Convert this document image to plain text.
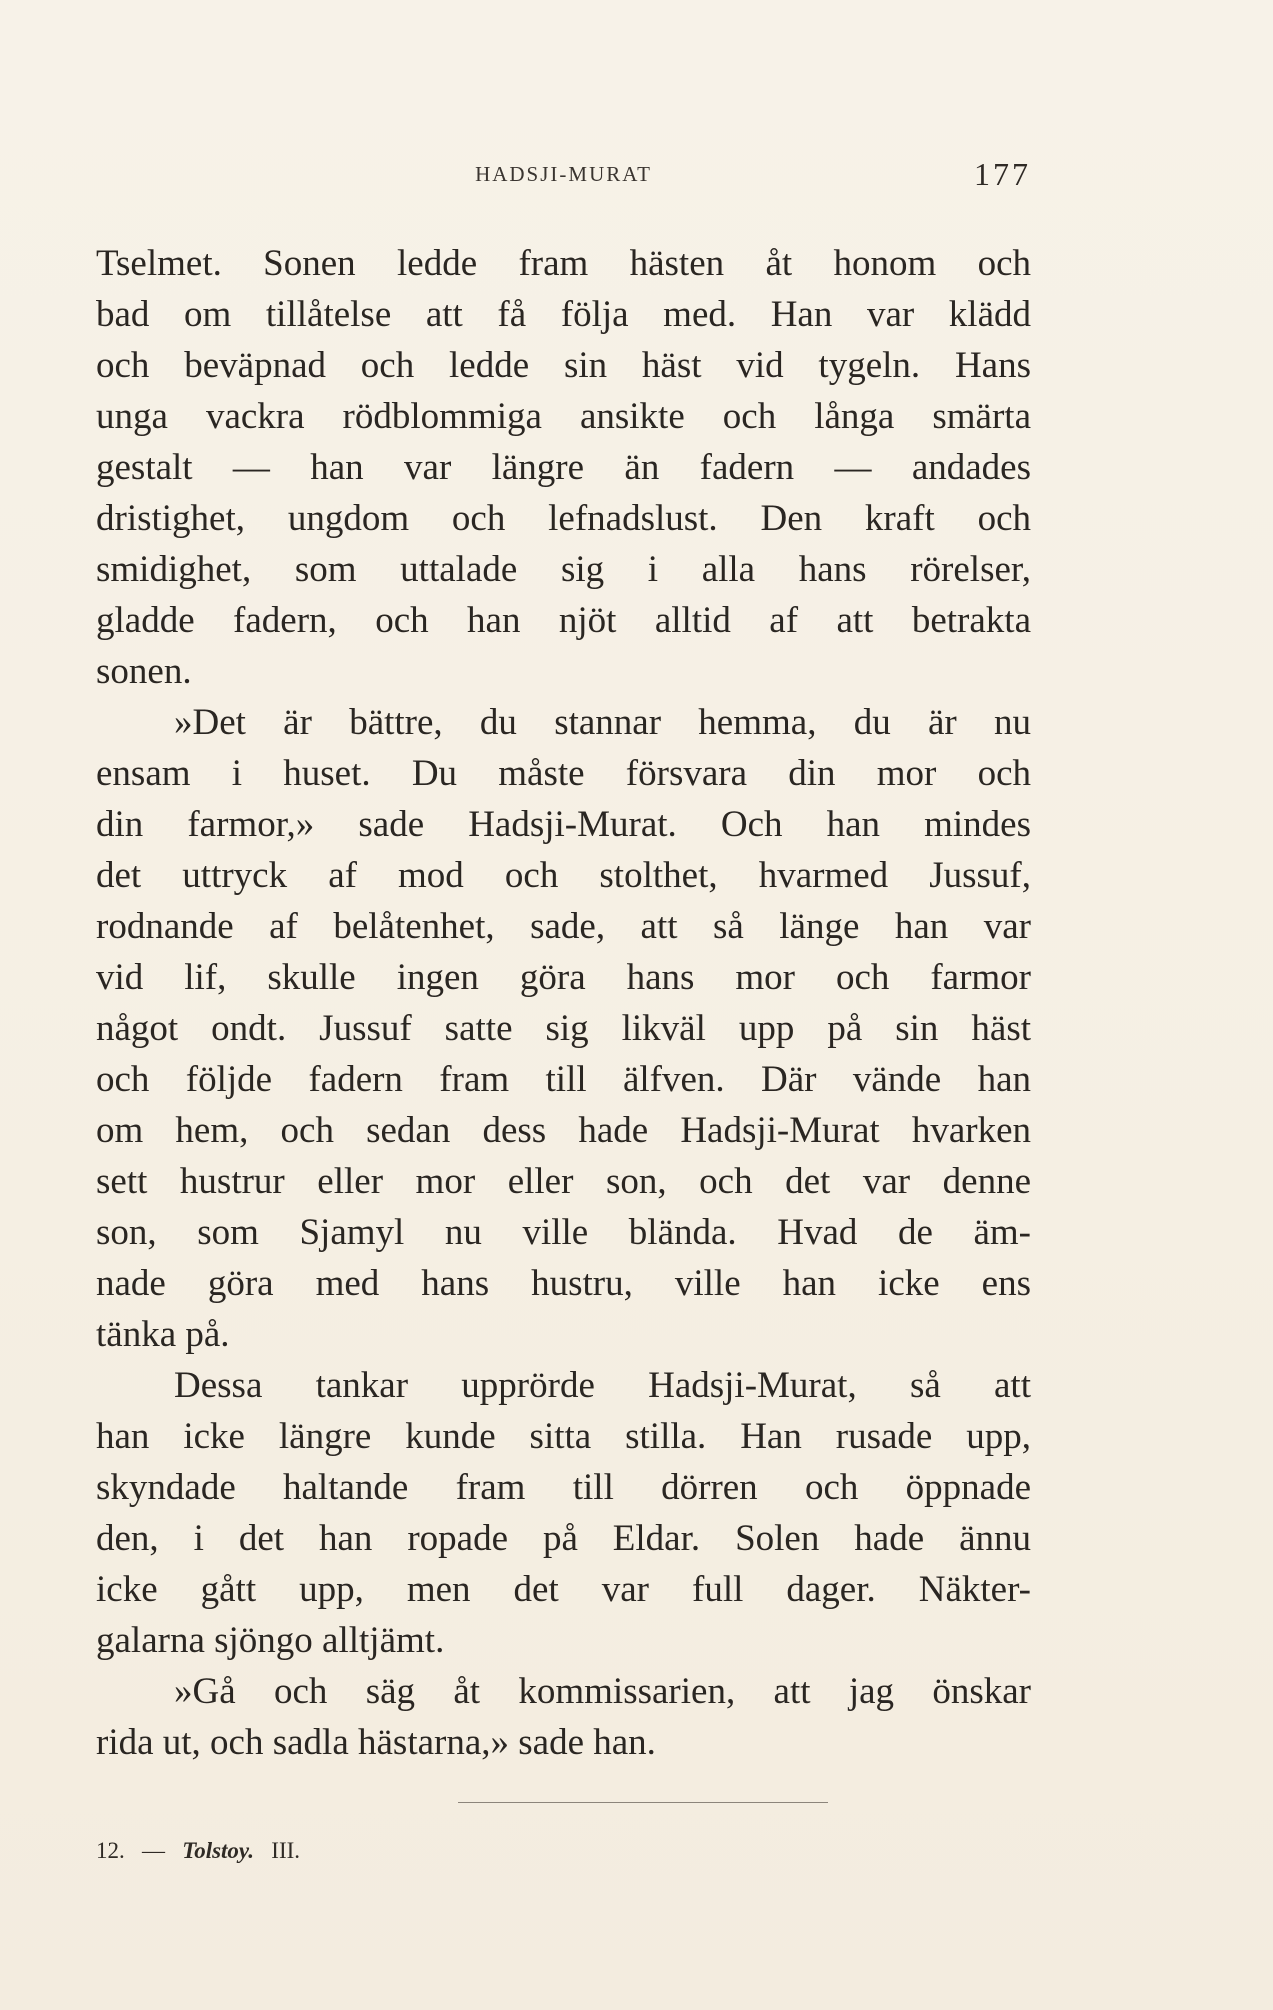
HADSJI-MURAT	177
Tselmet. Sonen ledde fram hästen åt honom och
bad om tillåtelse att få följa med. Han var klädd
och beväpnad och ledde sin häst vid tygeln. Hans
unga vackra rödblommiga ansikte och långa smärta
gestalt — han var längre än fadern — andades
dristighet, ungdom och lefnadslust. Den kraft och
smidighet, som uttalade sig i alla hans rörelser,
gladde fadern, och han njöt alltid af att betrakta
sonen.
»Det är bättre, du stannar hemma, du är nu
ensam i huset. Du måste försvara din mor och
din farmor,» sade Hadsji-Murat. Och han mindes
det uttryck af mod och stolthet, hvarmed Jussuf,
rodnande af belåtenhet, sade, att så länge han var
vid lif, skulle ingen göra hans mor och farmor
något ondt. Jussuf satte sig likväl upp på sin häst
och följde fadern fram till älfven. Där vände han
om hem, och sedan dess hade Hadsji-Murat hvarken
sett hustrur eller mor eller son, och det var denne
son, som Sjamyl nu ville blända. Hvad de äm-
nade göra med hans hustru, ville han icke ens
tänka på.
Dessa tankar upprörde Hadsji-Murat, så att
han icke längre kunde sitta stilla. Han rusade upp,
skyndade haltande fram till dörren och öppnade
den, i det han ropade på Eldar. Solen hade ännu
icke gått upp, men det var full dager. Näkter-
galarna sjöngo alltjämt.
»Gå och säg åt kommissarien, att jag önskar
rida ut, och sadla hästarna,» sade han.
12. — Tolstoy. III.
